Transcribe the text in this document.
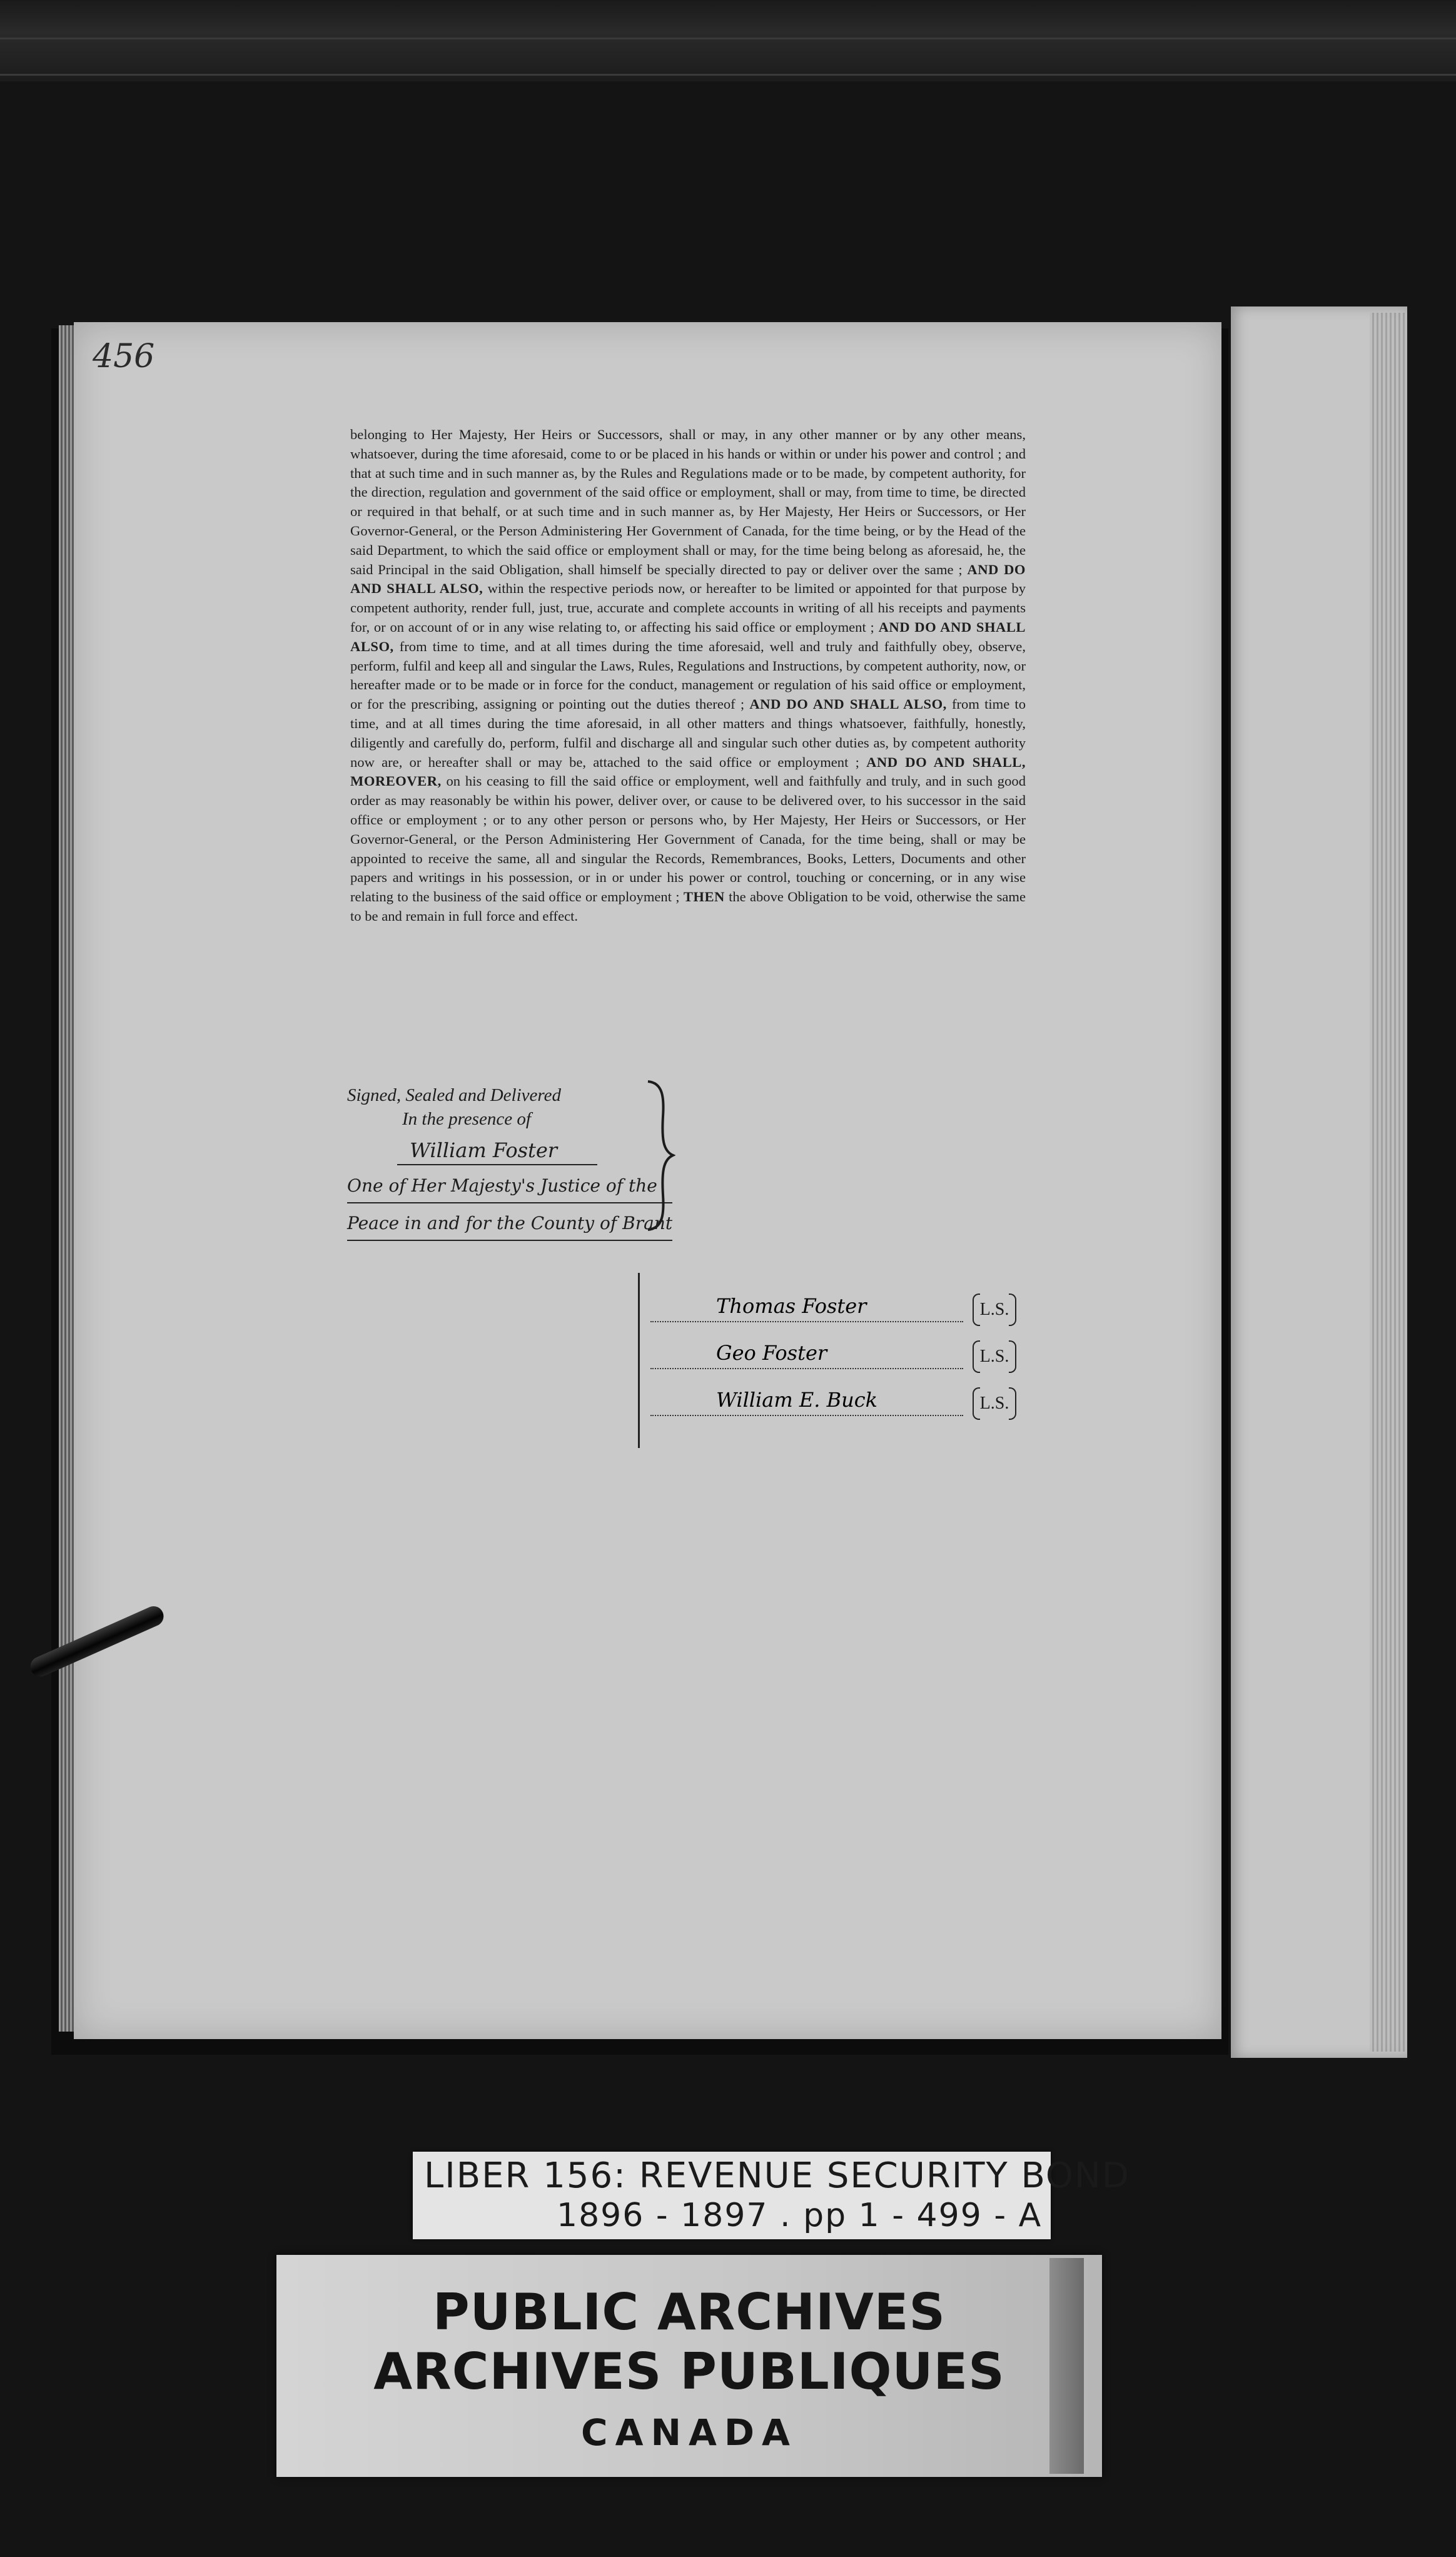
456

belonging to Her Majesty, Her Heirs or Successors, shall or may, in any other manner or by any other means, whatsoever, during the time aforesaid, come to or be placed in his hands or within or under his power and control ; and that at such time and in such manner as, by the Rules and Regulations made or to be made, by competent authority, for the direction, regulation and government of the said office or employment, shall or may, from time to time, be directed or required in that behalf, or at such time and in such manner as, by Her Majesty, Her Heirs or Successors, or Her Governor-General, or the Person Administering Her Government of Canada, for the time being, or by the Head of the said Department, to which the said office or employment shall or may, for the time being belong as aforesaid, he, the said Principal in the said Obligation, shall himself be specially directed to pay or deliver over the same ; AND DO AND SHALL ALSO, within the respective periods now, or hereafter to be limited or appointed for that purpose by competent authority, render full, just, true, accurate and complete accounts in writing of all his receipts and payments for, or on account of or in any wise relating to, or affecting his said office or employment ; AND DO AND SHALL ALSO, from time to time, and at all times during the time aforesaid, well and truly and faithfully obey, observe, perform, fulfil and keep all and singular the Laws, Rules, Regulations and Instructions, by competent authority, now, or hereafter made or to be made or in force for the conduct, management or regulation of his said office or employment, or for the prescribing, assigning or pointing out the duties thereof ; AND DO AND SHALL ALSO, from time to time, and at all times during the time aforesaid, in all other matters and things whatsoever, faithfully, honestly, diligently and carefully do, perform, fulfil and discharge all and singular such other duties as, by competent authority now are, or hereafter shall or may be, attached to the said office or employment ; AND DO AND SHALL, MOREOVER, on his ceasing to fill the said office or employment, well and faithfully and truly, and in such good order as may reasonably be within his power, deliver over, or cause to be delivered over, to his successor in the said office or employment ; or to any other person or persons who, by Her Majesty, Her Heirs or Successors, or Her Governor-General, or the Person Administering Her Government of Canada, for the time being, shall or may be appointed to receive the same, all and singular the Records, Remembrances, Books, Letters, Documents and other papers and writings in his possession, or in or under his power or control, touching or concerning, or in any wise relating to the business of the said office or employment ; THEN the above Obligation to be void, otherwise the same to be and remain in full force and effect.

Signed, Sealed and Delivered
In the presence of
William Foster
One of Her Majesty's Justice of the
Peace in and for the County of Brant
Thomas Foster	L.S.
Geo Foster	L.S.
William E. Buck	L.S.
LIBER 156: REVENUE SECURITY BOND
1896 - 1897 . pp 1 - 499 - A
PUBLIC ARCHIVES
ARCHIVES PUBLIQUES
CANADA
